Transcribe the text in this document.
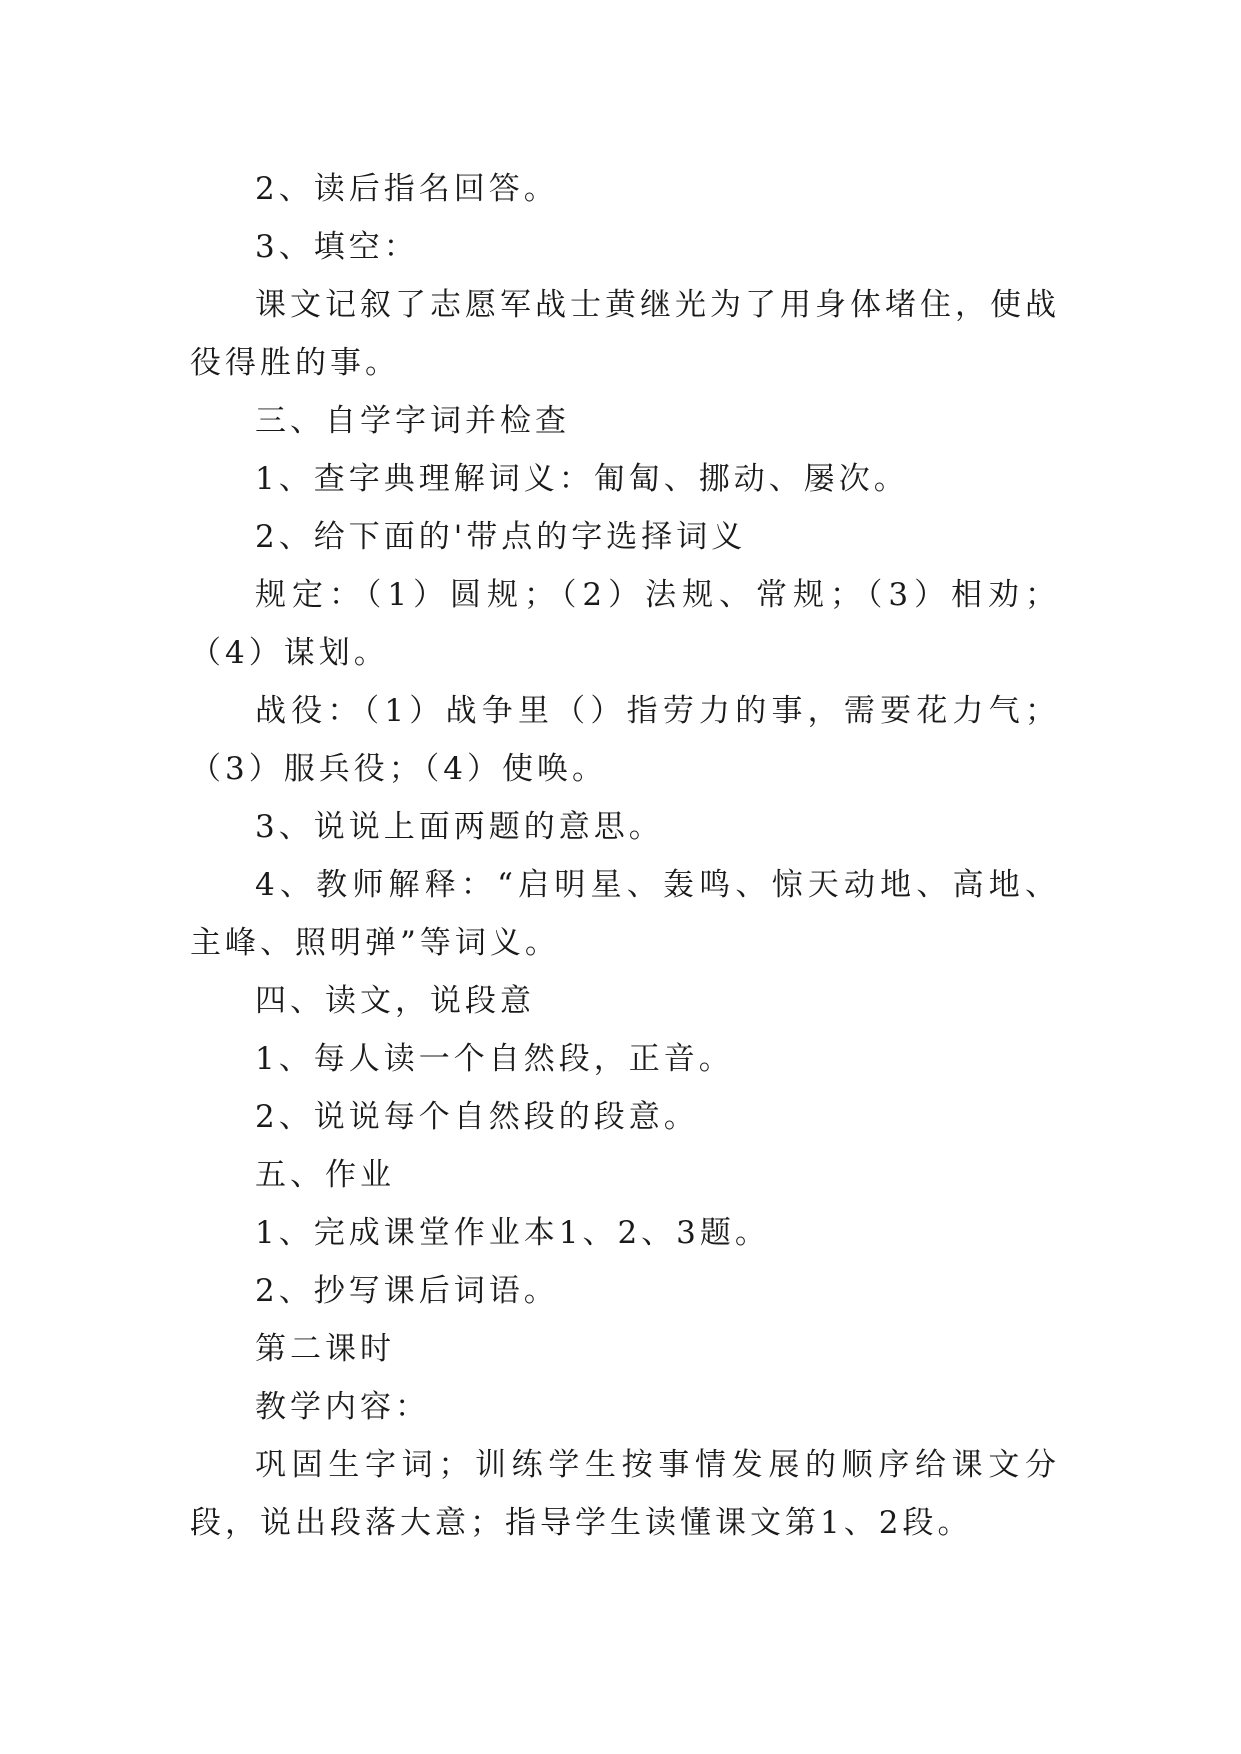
2、读后指名回答。

3、填空：

课文记叙了志愿军战士黄继光为了用身体堵住，使战役得胜的事。

三、自学字词并检查

1、查字典理解词义：匍匐、挪动、屡次。

2、给下面的'带点的字选择词义

规定：（1）圆规；（2）法规、常规；（3）相劝；（4）谋划。

战役：（1）战争里（）指劳力的事，需要花力气；（3）服兵役；（4）使唤。

3、说说上面两题的意思。

4、教师解释：“启明星、轰鸣、惊天动地、高地、主峰、照明弹”等词义。

四、读文，说段意

1、每人读一个自然段，正音。

2、说说每个自然段的段意。

五、作业

1、完成课堂作业本1、2、3题。

2、抄写课后词语。

第二课时

教学内容：

巩固生字词；训练学生按事情发展的顺序给课文分段，说出段落大意；指导学生读懂课文第1、2段。
